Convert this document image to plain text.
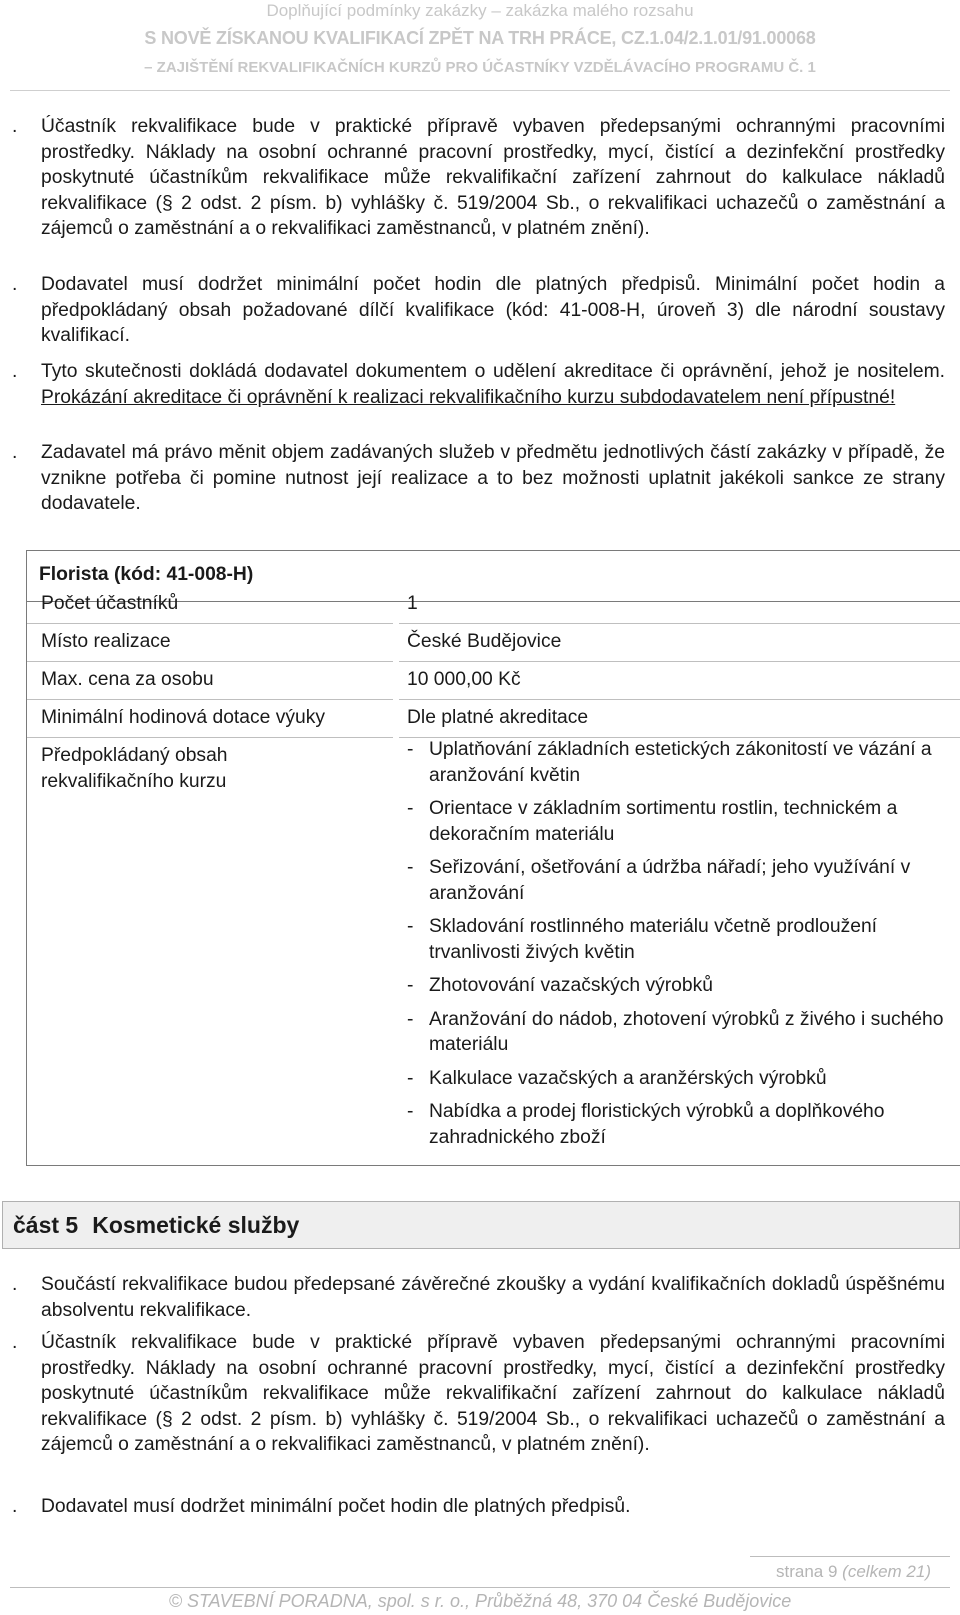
Doplňující podmínky zakázky – zakázka malého rozsahu
S NOVĚ ZÍSKANOU KVALIFIKACÍ ZPĚT NA TRH PRÁCE, CZ.1.04/2.1.01/91.00068
– ZAJIŠTĚNÍ REKVALIFIKAČNÍCH KURZŮ PRO ÚČASTNÍKY VZDĚLÁVACÍHO PROGRAMU Č. 1

. Účastník rekvalifikace bude v praktické přípravě vybaven předepsanými ochrannými pracovními prostředky. Náklady na osobní ochranné pracovní prostředky, mycí, čistící a dezinfekční prostředky poskytnuté účastníkům rekvalifikace může rekvalifikační zařízení zahrnout do kalkulace nákladů rekvalifikace (§ 2 odst. 2 písm. b) vyhlášky č. 519/2004 Sb., o rekvalifikaci uchazečů o zaměstnání a zájemců o zaměstnání a o rekvalifikaci zaměstnanců, v platném znění).

. Dodavatel musí dodržet minimální počet hodin dle platných předpisů. Minimální počet hodin a předpokládaný obsah požadované dílčí kvalifikace (kód: 41-008-H, úroveň 3) dle národní soustavy kvalifikací.

. Tyto skutečnosti dokládá dodavatel dokumentem o udělení akreditace či oprávnění, jehož je nositelem. Prokázání akreditace či oprávnění k realizaci rekvalifikačního kurzu subdodavatelem není přípustné!

. Zadavatel má právo měnit objem zadávaných služeb v předmětu jednotlivých částí zakázky v případě, že vznikne potřeba či pomine nutnost její realizace a to bez možnosti uplatnit jakékoli sankce ze strany dodavatele.

Florista (kód: 41-008-H)
Počet účastníků	1
Místo realizace	České Budějovice
Max. cena za osobu	10 000,00 Kč
Minimální hodinová dotace výuky	Dle platné akreditace
Předpokládaný obsah rekvalifikačního kurzu
- Uplatňování základních estetických zákonitostí ve vázání a aranžování květin
- Orientace v základním sortimentu rostlin, technickém a dekoračním materiálu
- Seřizování, ošetřování a údržba nářadí; jeho využívání v aranžování
- Skladování rostlinného materiálu včetně prodloužení trvanlivosti živých květin
- Zhotovování vazačských výrobků
- Aranžování do nádob, zhotovení výrobků z živého i suchého materiálu
- Kalkulace vazačských a aranžérských výrobků
- Nabídka a prodej floristických výrobků a doplňkového zahradnického zboží
část 5 Kosmetické služby

. Součástí rekvalifikace budou předepsané závěrečné zkoušky a vydání kvalifikačních dokladů úspěšnému absolventu rekvalifikace.

. Účastník rekvalifikace bude v praktické přípravě vybaven předepsanými ochrannými pracovními prostředky. Náklady na osobní ochranné pracovní prostředky, mycí, čistící a dezinfekční prostředky poskytnuté účastníkům rekvalifikace může rekvalifikační zařízení zahrnout do kalkulace nákladů rekvalifikace (§ 2 odst. 2 písm. b) vyhlášky č. 519/2004 Sb., o rekvalifikaci uchazečů o zaměstnání a zájemců o zaměstnání a o rekvalifikaci zaměstnanců, v platném znění).

. Dodavatel musí dodržet minimální počet hodin dle platných předpisů.

strana 9 (celkem 21)
© STAVEBNÍ PORADNA, spol. s r. o., Průběžná 48, 370 04 České Budějovice
